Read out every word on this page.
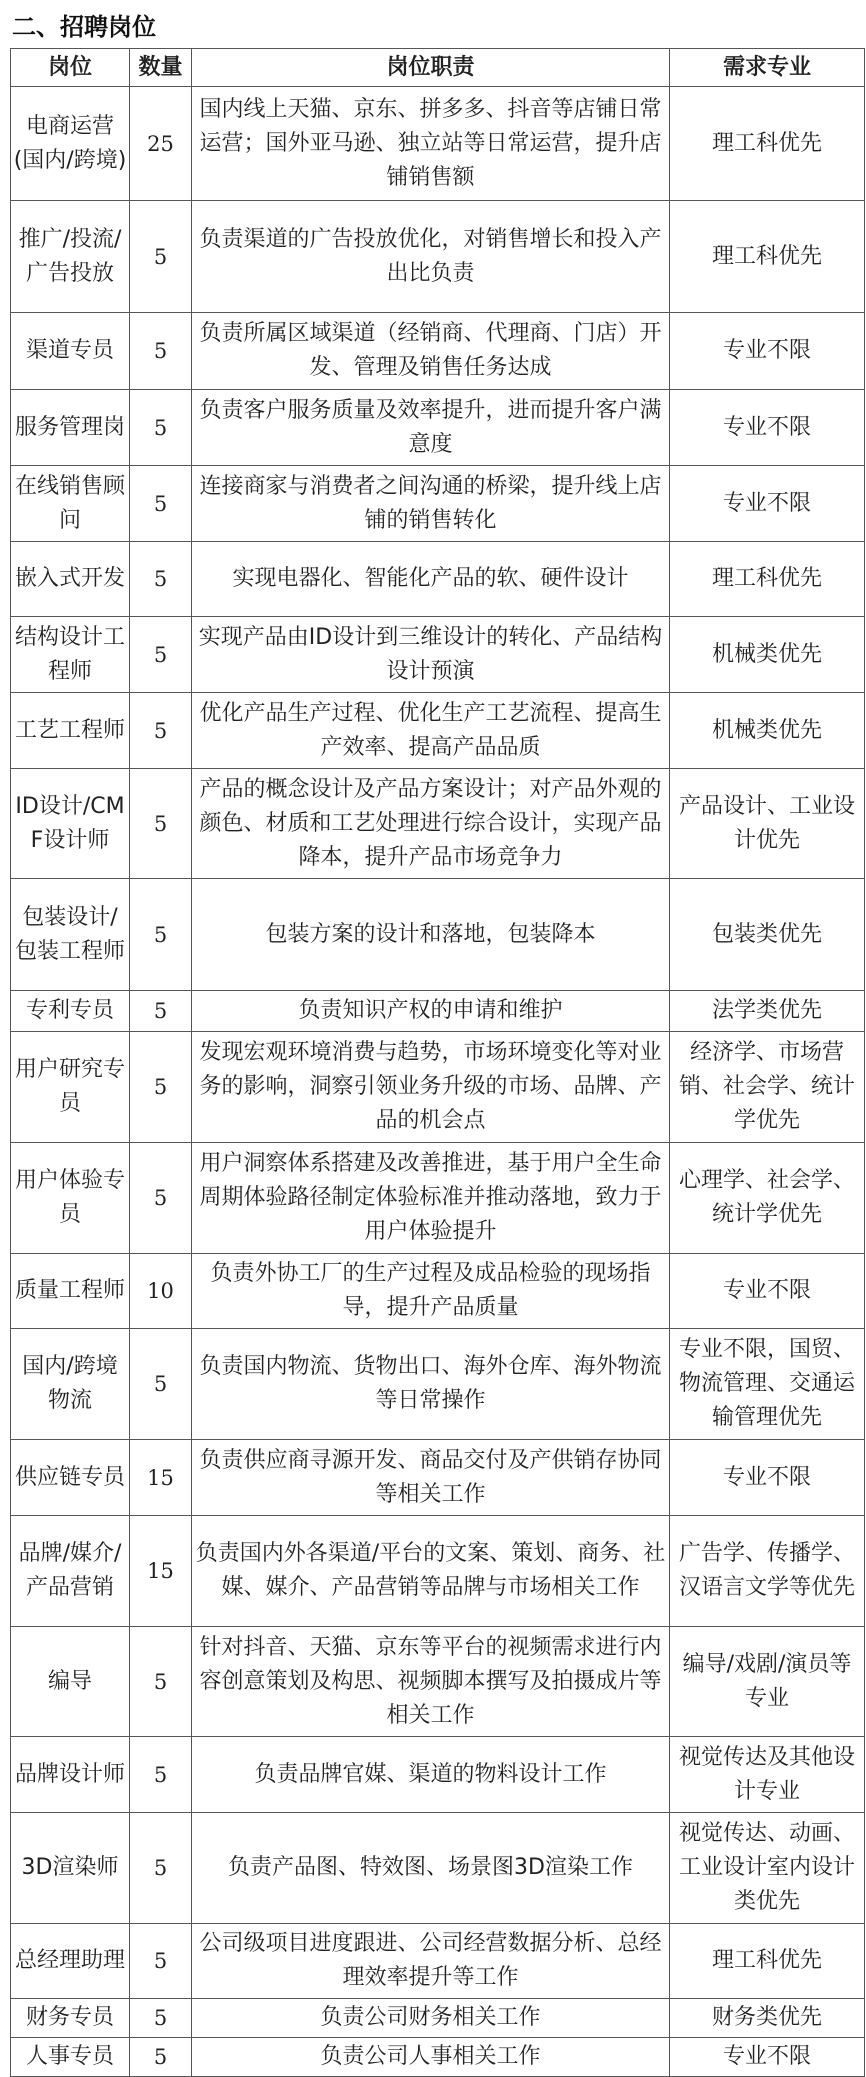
二、招聘岗位
岗位	数量	岗位职责	需求专业
电商运营(国内/跨境)	25	国内线上天猫、京东、拼多多、抖音等店铺日常运营；国外亚马逊、独立站等日常运营，提升店铺销售额	理工科优先
推广/投流/广告投放	5	负责渠道的广告投放优化，对销售增长和投入产出比负责	理工科优先
渠道专员	5	负责所属区域渠道（经销商、代理商、门店）开发、管理及销售任务达成	专业不限
服务管理岗	5	负责客户服务质量及效率提升，进而提升客户满意度	专业不限
在线销售顾问	5	连接商家与消费者之间沟通的桥梁，提升线上店铺的销售转化	专业不限
嵌入式开发	5	实现电器化、智能化产品的软、硬件设计	理工科优先
结构设计工程师	5	实现产品由ID设计到三维设计的转化、产品结构设计预演	机械类优先
工艺工程师	5	优化产品生产过程、优化生产工艺流程、提高生产效率、提高产品品质	机械类优先
ID设计/CMF设计师	5	产品的概念设计及产品方案设计；对产品外观的颜色、材质和工艺处理进行综合设计，实现产品降本，提升产品市场竞争力	产品设计、工业设计优先
包装设计/包装工程师	5	包装方案的设计和落地，包装降本	包装类优先
专利专员	5	负责知识产权的申请和维护	法学类优先
用户研究专员	5	发现宏观环境消费与趋势，市场环境变化等对业务的影响，洞察引领业务升级的市场、品牌、产品的机会点	经济学、市场营销、社会学、统计学优先
用户体验专员	5	用户洞察体系搭建及改善推进，基于用户全生命周期体验路径制定体验标准并推动落地，致力于用户体验提升	心理学、社会学、统计学优先
质量工程师	10	负责外协工厂的生产过程及成品检验的现场指导，提升产品质量	专业不限
国内/跨境物流	5	负责国内物流、货物出口、海外仓库、海外物流等日常操作	专业不限，国贸、物流管理、交通运输管理优先
供应链专员	15	负责供应商寻源开发、商品交付及产供销存协同等相关工作	专业不限
品牌/媒介/产品营销	15	负责国内外各渠道/平台的文案、策划、商务、社媒、媒介、产品营销等品牌与市场相关工作	广告学、传播学、汉语言文学等优先
编导	5	针对抖音、天猫、京东等平台的视频需求进行内容创意策划及构思、视频脚本撰写及拍摄成片等相关工作	编导/戏剧/演员等专业
品牌设计师	5	负责品牌官媒、渠道的物料设计工作	视觉传达及其他设计专业
3D渲染师	5	负责产品图、特效图、场景图3D渲染工作	视觉传达、动画、工业设计室内设计类优先
总经理助理	5	公司级项目进度跟进、公司经营数据分析、总经理效率提升等工作	理工科优先
财务专员	5	负责公司财务相关工作	财务类优先
人事专员	5	负责公司人事相关工作	专业不限
